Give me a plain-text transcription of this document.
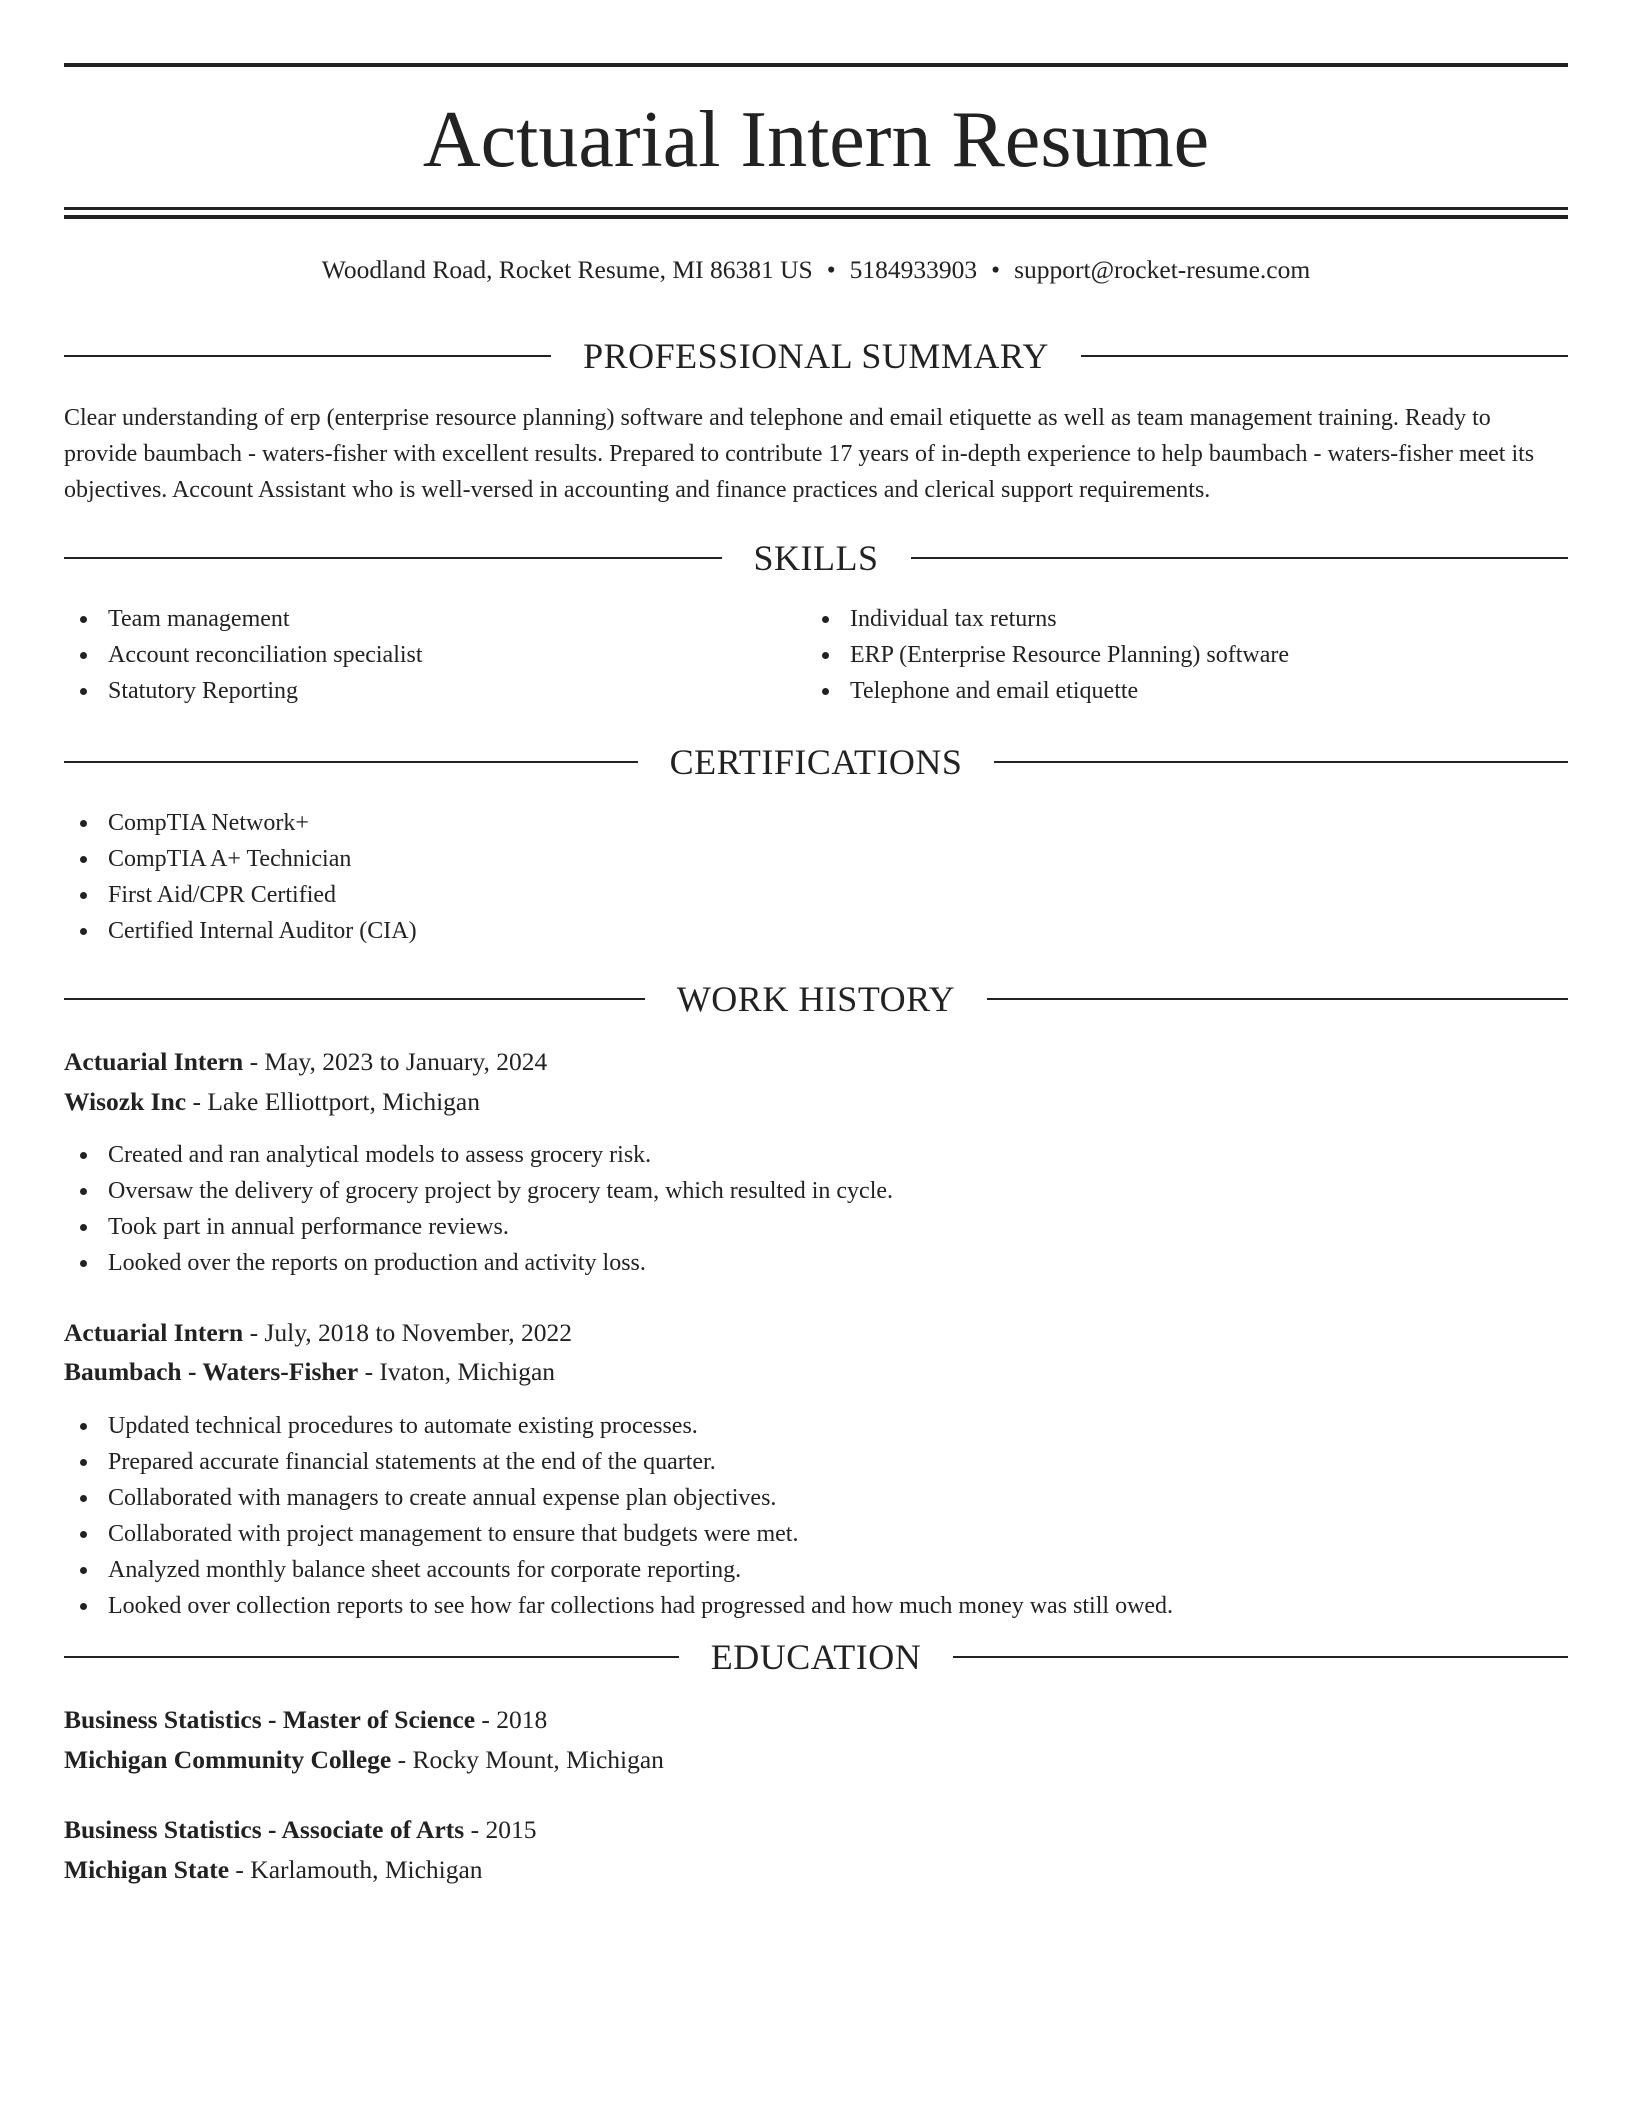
Actuarial Intern Resume
Woodland Road, Rocket Resume, MI 86381 US • 5184933903 • support@rocket-resume.com
PROFESSIONAL SUMMARY

Clear understanding of erp (enterprise resource planning) software and telephone and email etiquette as well as team management training. Ready to provide baumbach - waters-fisher with excellent results. Prepared to contribute 17 years of in-depth experience to help baumbach - waters-fisher meet its objectives. Account Assistant who is well-versed in accounting and finance practices and clerical support requirements.

SKILLS
Team management
Account reconciliation specialist
Statutory Reporting
Individual tax returns
ERP (Enterprise Resource Planning) software
Telephone and email etiquette
CERTIFICATIONS
CompTIA Network+
CompTIA A+ Technician
First Aid/CPR Certified
Certified Internal Auditor (CIA)
WORK HISTORY
Actuarial Intern - May, 2023 to January, 2024
Wisozk Inc - Lake Elliottport, Michigan
Created and ran analytical models to assess grocery risk.
Oversaw the delivery of grocery project by grocery team, which resulted in cycle.
Took part in annual performance reviews.
Looked over the reports on production and activity loss.
Actuarial Intern - July, 2018 to November, 2022
Baumbach - Waters-Fisher - Ivaton, Michigan
Updated technical procedures to automate existing processes.
Prepared accurate financial statements at the end of the quarter.
Collaborated with managers to create annual expense plan objectives.
Collaborated with project management to ensure that budgets were met.
Analyzed monthly balance sheet accounts for corporate reporting.
Looked over collection reports to see how far collections had progressed and how much money was still owed.
EDUCATION
Business Statistics - Master of Science - 2018
Michigan Community College - Rocky Mount, Michigan
Business Statistics - Associate of Arts - 2015
Michigan State - Karlamouth, Michigan
